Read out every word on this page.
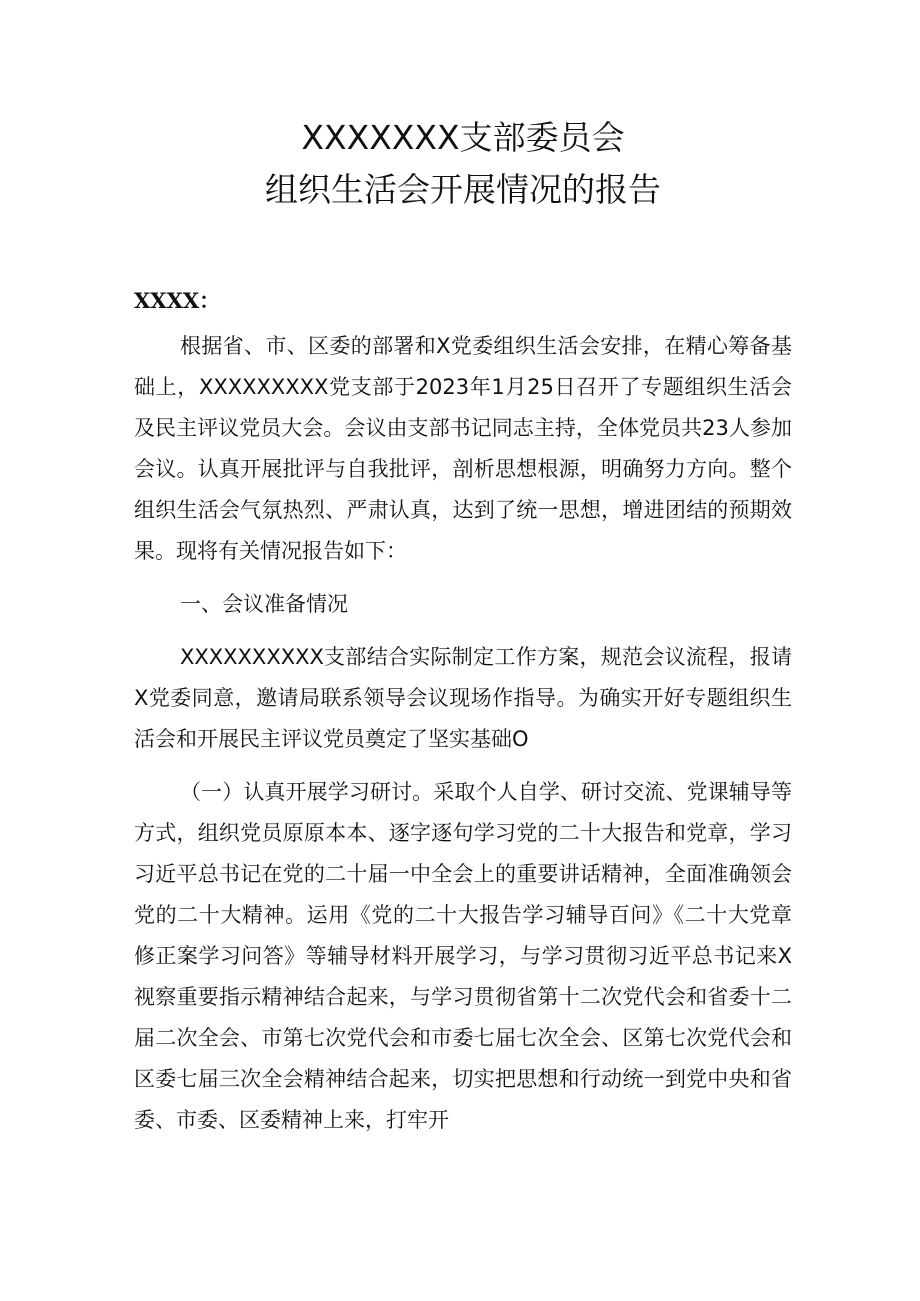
XXXXXXX支部委员会
组织生活会开展情况的报告

XXXX：

根据省、市、区委的部署和X党委组织生活会安排，在精心筹备基础上，XXXXXXXXX党支部于2023年1月25日召开了专题组织生活会及民主评议党员大会。会议由支部书记同志主持，全体党员共23人参加会议。认真开展批评与自我批评，剖析思想根源，明确努力方向。整个组织生活会气氛热烈、严肃认真，达到了统一思想，增进团结的预期效果。现将有关情况报告如下：

一、会议准备情况

XXXXXXXXXX支部结合实际制定工作方案，规范会议流程，报请X党委同意，邀请局联系领导会议现场作指导。为确实开好专题组织生活会和开展民主评议党员奠定了坚实基础O

（一）认真开展学习研讨。采取个人自学、研讨交流、党课辅导等方式，组织党员原原本本、逐字逐句学习党的二十大报告和党章，学习习近平总书记在党的二十届一中全会上的重要讲话精神，全面准确领会党的二十大精神。运用《党的二十大报告学习辅导百问》《二十大党章修正案学习问答》等辅导材料开展学习，与学习贯彻习近平总书记来X视察重要指示精神结合起来，与学习贯彻省第十二次党代会和省委十二届二次全会、市第七次党代会和市委七届七次全会、区第七次党代会和区委七届三次全会精神结合起来，切实把思想和行动统一到党中央和省委、市委、区委精神上来，打牢开
